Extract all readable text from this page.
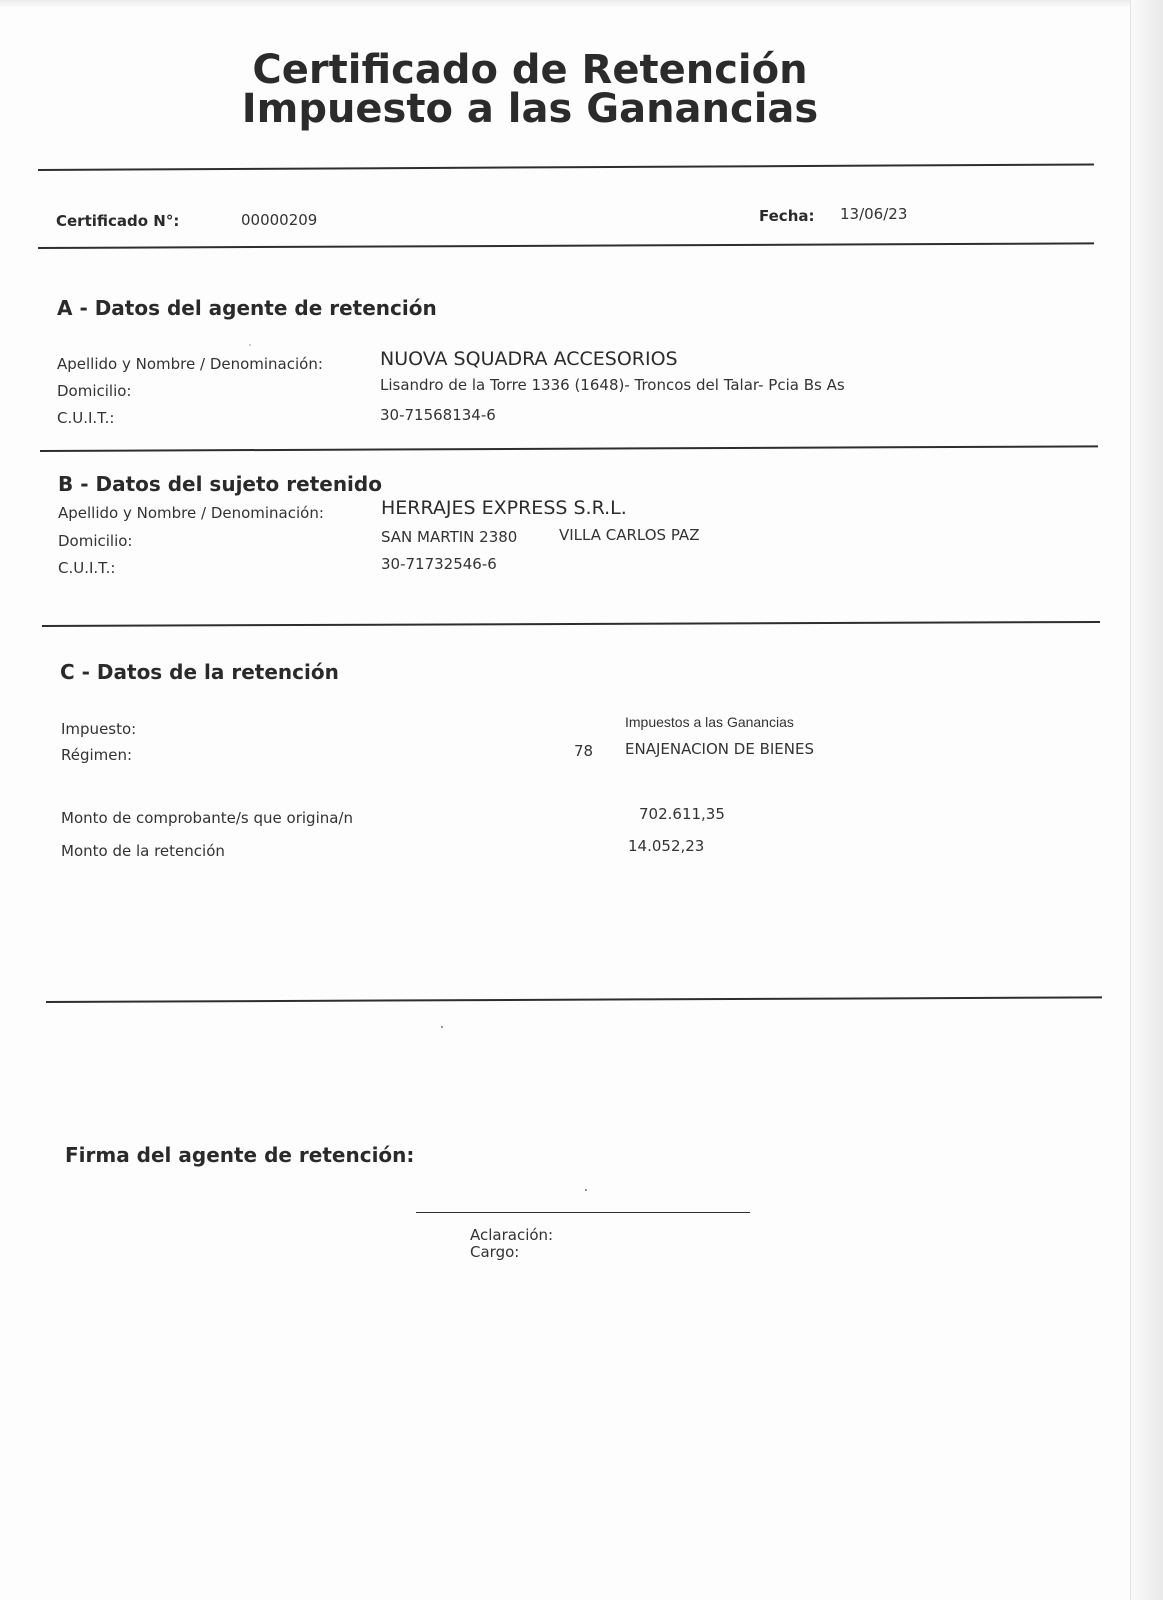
Certificado de Retención
Impuesto a las Ganancias
Certificado N°:	00000209	Fecha: 13/06/23
A - Datos del agente de retención
Apellido y Nombre / Denominación:	NUOVA SQUADRA ACCESORIOS
Domicilio:	Lisandro de la Torre 1336 (1648)- Troncos del Talar- Pcia Bs As
C.U.I.T.:	30-71568134-6
B - Datos del sujeto retenido
Apellido y Nombre / Denominación:	HERRAJES EXPRESS S.R.L.
Domicilio:	SAN MARTIN 2380	VILLA CARLOS PAZ
C.U.I.T.:	30-71732546-6
C - Datos de la retención
Impuesto:	Impuestos a las Ganancias
Régimen:	78 ENAJENACION DE BIENES
Monto de comprobante/s que origina/n	702.611,35
Monto de la retención	14.052,23
Firma del agente de retención:
Aclaración:
Cargo:
